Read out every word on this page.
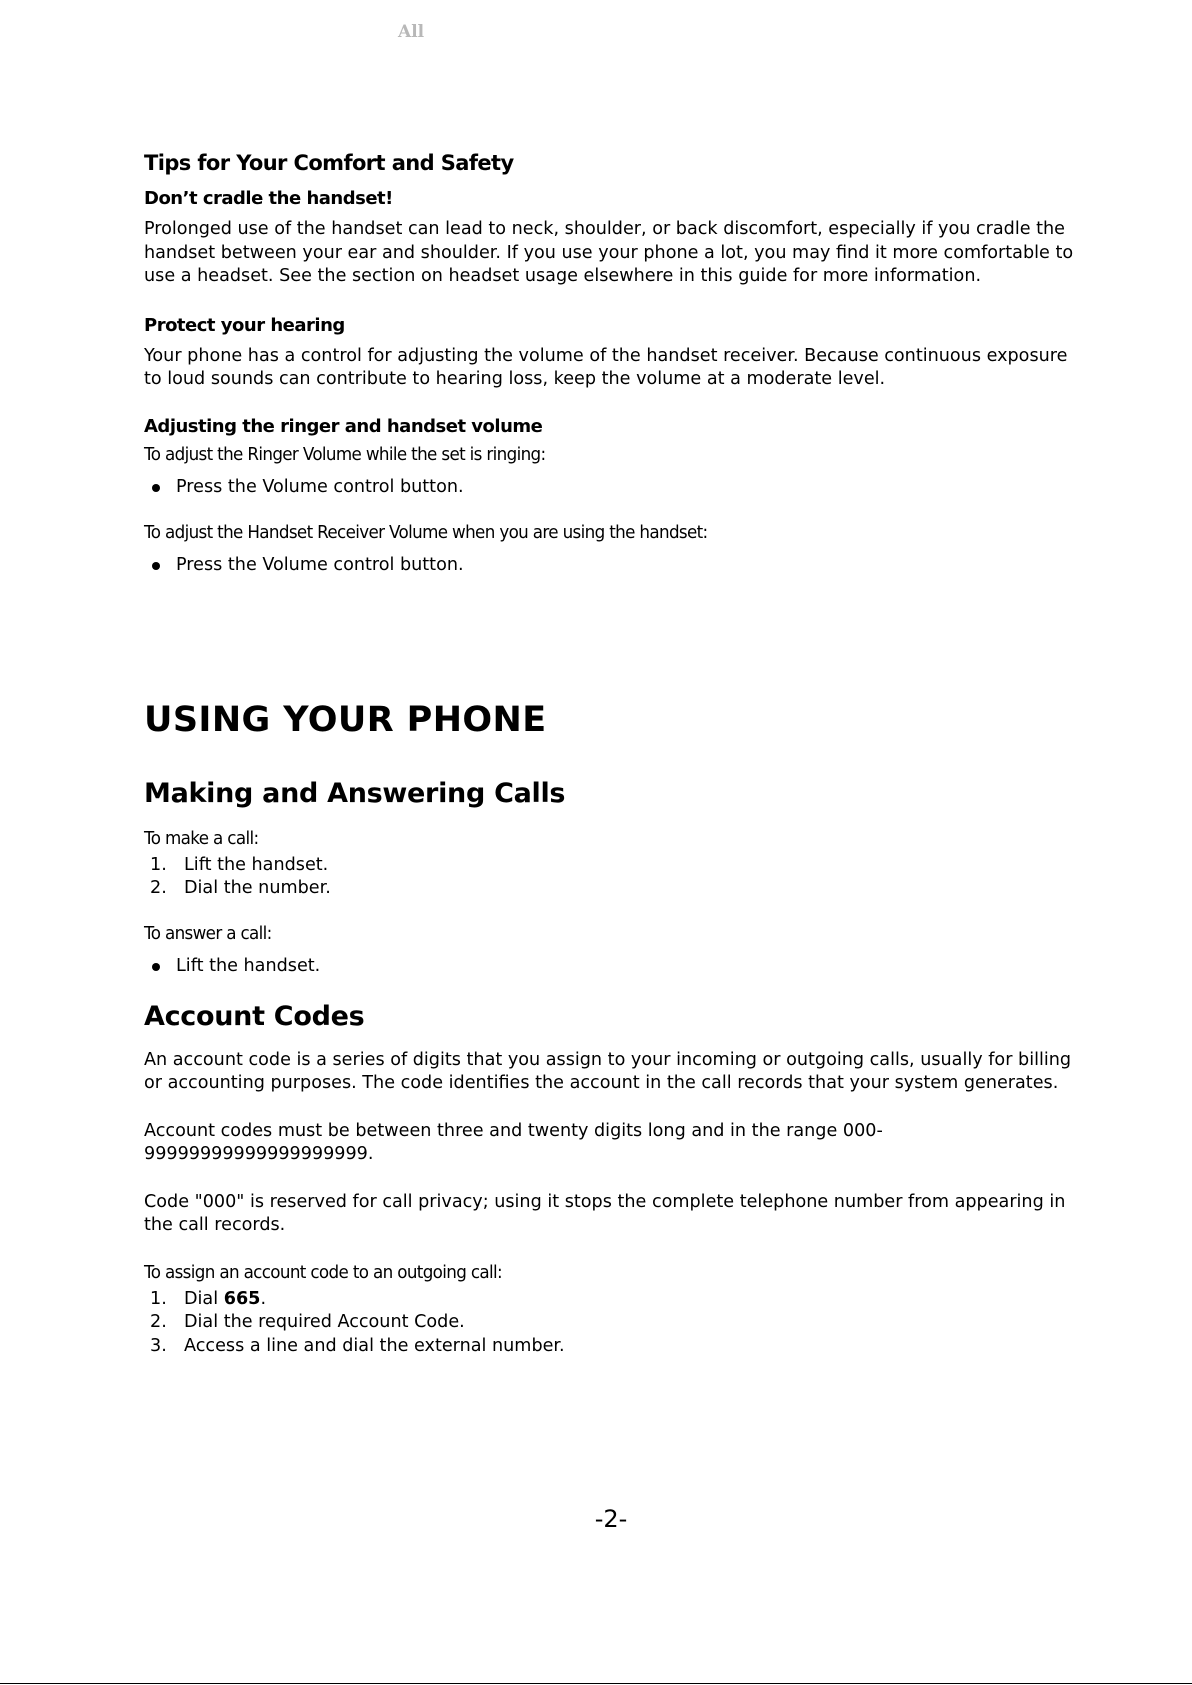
All
Tips for Your Comfort and Safety
Don’t cradle the handset!

Prolonged use of the handset can lead to neck, shoulder, or back discomfort, especially if you cradle the handset between your ear and shoulder. If you use your phone a lot, you may find it more comfortable to use a headset. See the section on headset usage elsewhere in this guide for more information.

Protect your hearing

Your phone has a control for adjusting the volume of the handset receiver. Because continuous exposure to loud sounds can contribute to hearing loss, keep the volume at a moderate level.

Adjusting the ringer and handset volume

To adjust the Ringer Volume while the set is ringing:

Press the Volume control button.

To adjust the Handset Receiver Volume when you are using the handset:

Press the Volume control button.
USING YOUR PHONE
Making and Answering Calls

To make a call:

1. Lift the handset.
2. Dial the number.

To answer a call:

Lift the handset.
Account Codes

An account code is a series of digits that you assign to your incoming or outgoing calls, usually for billing or accounting purposes. The code identifies the account in the call records that your system generates.

Account codes must be between three and twenty digits long and in the range 000-99999999999999999999.

Code "000" is reserved for call privacy; using it stops the complete telephone number from appearing in the call records.

To assign an account code to an outgoing call:

1. Dial 665.
2. Dial the required Account Code.
3. Access a line and dial the external number.
-2-
